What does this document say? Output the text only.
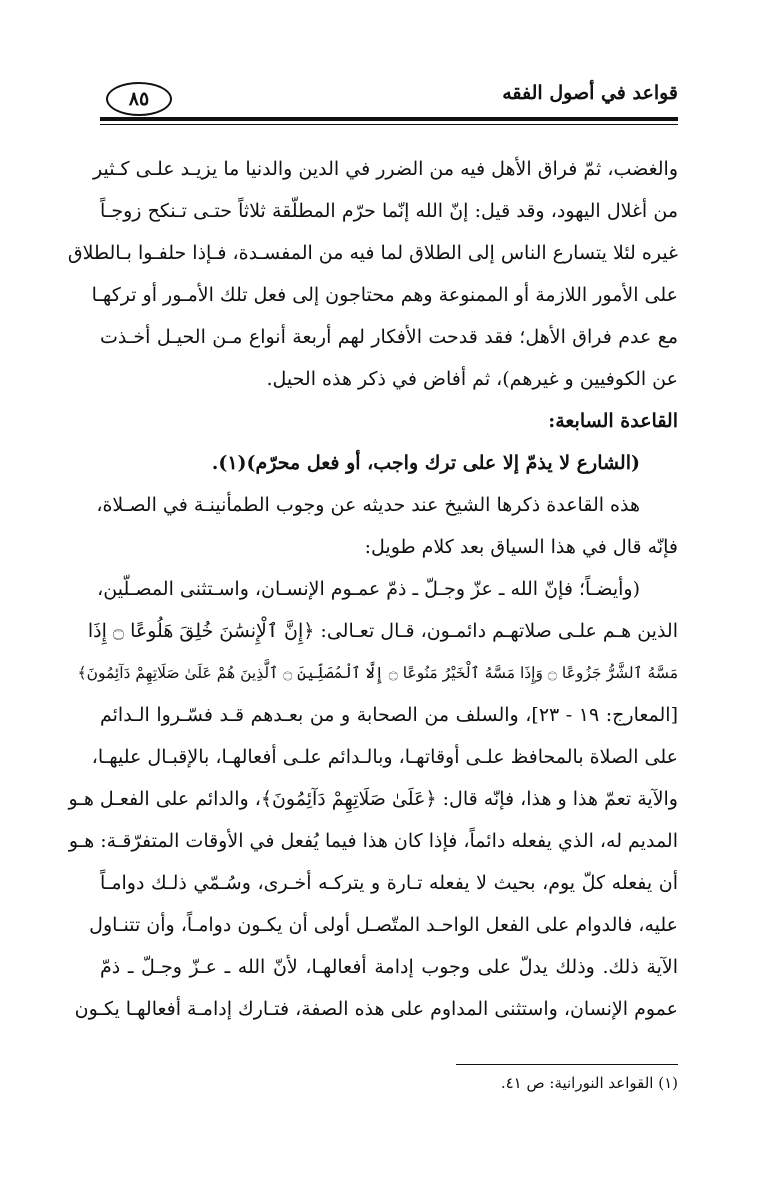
قواعد في أصول الفقه
٨٥
والغضب، ثمّ فراق الأهل فيه من الضرر في الدين والدنيا ما يزيـد علـى كـثير
من أغلال اليهود، وقد قيل: إنّ الله إنّما حرّم المطلّقة ثلاثاً حتـى تـنكح زوجـاً
غيره لئلا يتسارع الناس إلى الطلاق لما فيه من المفسـدة، فـإذا حلفـوا بـالطلاق
على الأمور اللازمة أو الممنوعة وهم محتاجون إلى فعل تلك الأمـور أو تركهـا
مع عدم فراق الأهل؛ فقد قدحت الأفكار لهم أربعة أنواع مـن الحيـل أخـذت
عن الكوفيين و غيرهم)، ثم أفاض في ذكر هذه الحيل.
القاعدة السابعة:
(الشارع لا يذمّ إلا على ترك واجب، أو فعل محرّم)(١).
هذه القاعدة ذكرها الشيخ عند حديثه عن وجوب الطمأنينـة في الصـلاة،
فإنّه قال في هذا السياق بعد كلام طويل:
(وأيضـاً؛ فإنّ الله ـ عزّ وجـلّ ـ ذمّ عمـوم الإنسـان، واسـتثنى المصـلّين،
الذين هـم علـى صلاتهـم دائمـون، قـال تعـالى: ﴿إِنَّ ٱلْإِنسَٰنَ خُلِقَ هَلُوعًا ۝ إِذَا
مَسَّهُ ٱلشَّرُّ جَزُوعًا ۝ وَإِذَا مَسَّهُ ٱلْخَيْرُ مَنُوعًا ۝ إِلَّا ٱلْمُصَلِّينَ ۝ ٱلَّذِينَ هُمْ عَلَىٰ صَلَاتِهِمْ دَآئِمُونَ﴾
[المعارج: ١٩ - ٢٣]، والسلف من الصحابة و من بعـدهم قـد فسّـروا الـدائم
على الصلاة بالمحافظ علـى أوقاتهـا، وبالـدائم علـى أفعالهـا، بالإقبـال عليهـا،
والآية تعمّ هذا و هذا، فإنّه قال: ﴿عَلَىٰ صَلَاتِهِمْ دَآئِمُونَ﴾، والدائم على الفعـل هـو
المديم له، الذي يفعله دائماً، فإذا كان هذا فيما يُفعل في الأوقات المتفرّقـة: هـو
أن يفعله كلّ يوم، بحيث لا يفعله تـارة و يتركـه أخـرى، وسُـمّي ذلـك دوامـاً
عليه، فالدوام على الفعل الواحـد المتّصـل أولى أن يكـون دوامـاً، وأن تتنـاول
الآية ذلك. وذلك يدلّ على وجوب إدامة أفعالهـا، لأنّ الله ـ عـزّ وجـلّ ـ ذمّ
عموم الإنسان، واستثنى المداوم على هذه الصفة، فتـارك إدامـة أفعالهـا يكـون
(١) القواعد النورانية: ص ٤١.
